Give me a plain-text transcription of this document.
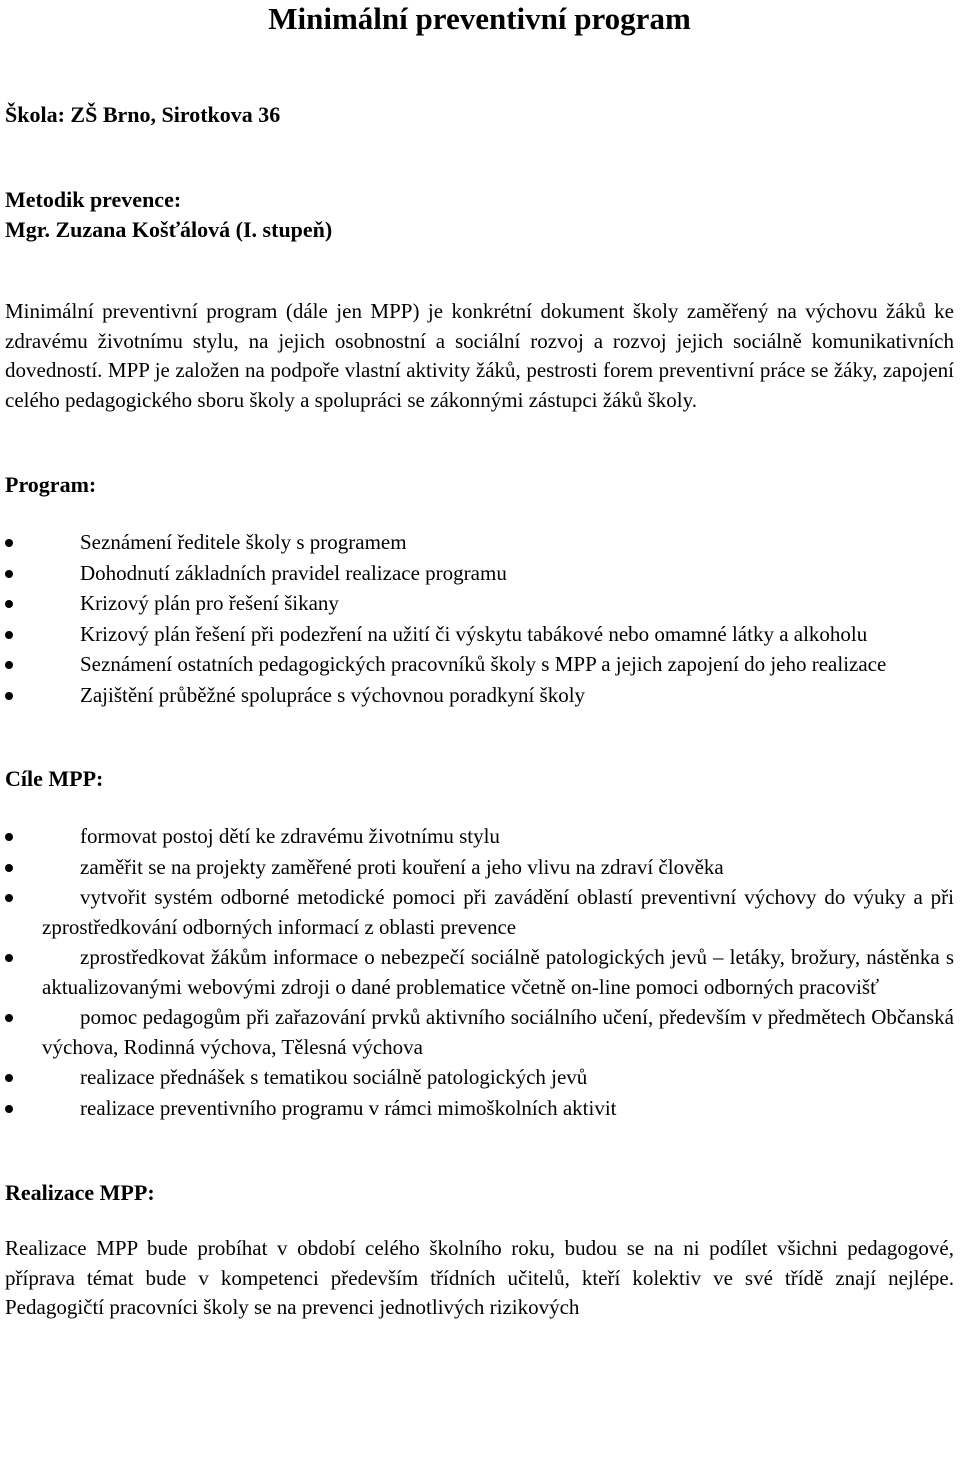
Minimální preventivní program

Škola: ZŠ Brno, Sirotkova 36

Metodik prevence:

Mgr. Zuzana Košťálová (I. stupeň)

Minimální preventivní program (dále jen MPP) je konkrétní dokument školy zaměřený na výchovu žáků ke zdravému životnímu stylu, na jejich osobnostní a sociální rozvoj a rozvoj jejich sociálně komunikativních dovedností. MPP je založen na podpoře vlastní aktivity žáků, pestrosti forem preventivní práce se žáky, zapojení celého pedagogického sboru školy a spolupráci se zákonnými zástupci žáků školy.

Program:

Seznámení ředitele školy s programem
Dohodnutí základních pravidel realizace programu
Krizový plán pro řešení šikany
Krizový plán řešení při podezření na užití či výskytu tabákové nebo omamné látky a alkoholu
Seznámení ostatních pedagogických pracovníků školy s MPP a jejich zapojení do jeho realizace
Zajištění průběžné spolupráce s výchovnou poradkyní školy

Cíle MPP:

formovat postoj dětí ke zdravému životnímu stylu
zaměřit se na projekty zaměřené proti kouření a jeho vlivu na zdraví člověka
vytvořit systém odborné metodické pomoci při zavádění oblastí preventivní výchovy do výuky a při zprostředkování odborných informací z oblasti prevence
zprostředkovat žákům informace o nebezpečí sociálně patologických jevů – letáky, brožury, nástěnka s aktualizovanými webovými zdroji o dané problematice včetně on-line pomoci odborných pracovišť
pomoc pedagogům při zařazování prvků aktivního sociálního učení, především v předmětech Občanská výchova, Rodinná výchova, Tělesná výchova
realizace přednášek s tematikou sociálně patologických jevů
realizace preventivního programu v rámci mimoškolních aktivit

Realizace MPP:

Realizace MPP bude probíhat v období celého školního roku, budou se na ni podílet všichni pedagogové, příprava témat bude v kompetenci především třídních učitelů, kteří kolektiv ve své třídě znají nejlépe. Pedagogičtí pracovníci školy se na prevenci jednotlivých rizikových
